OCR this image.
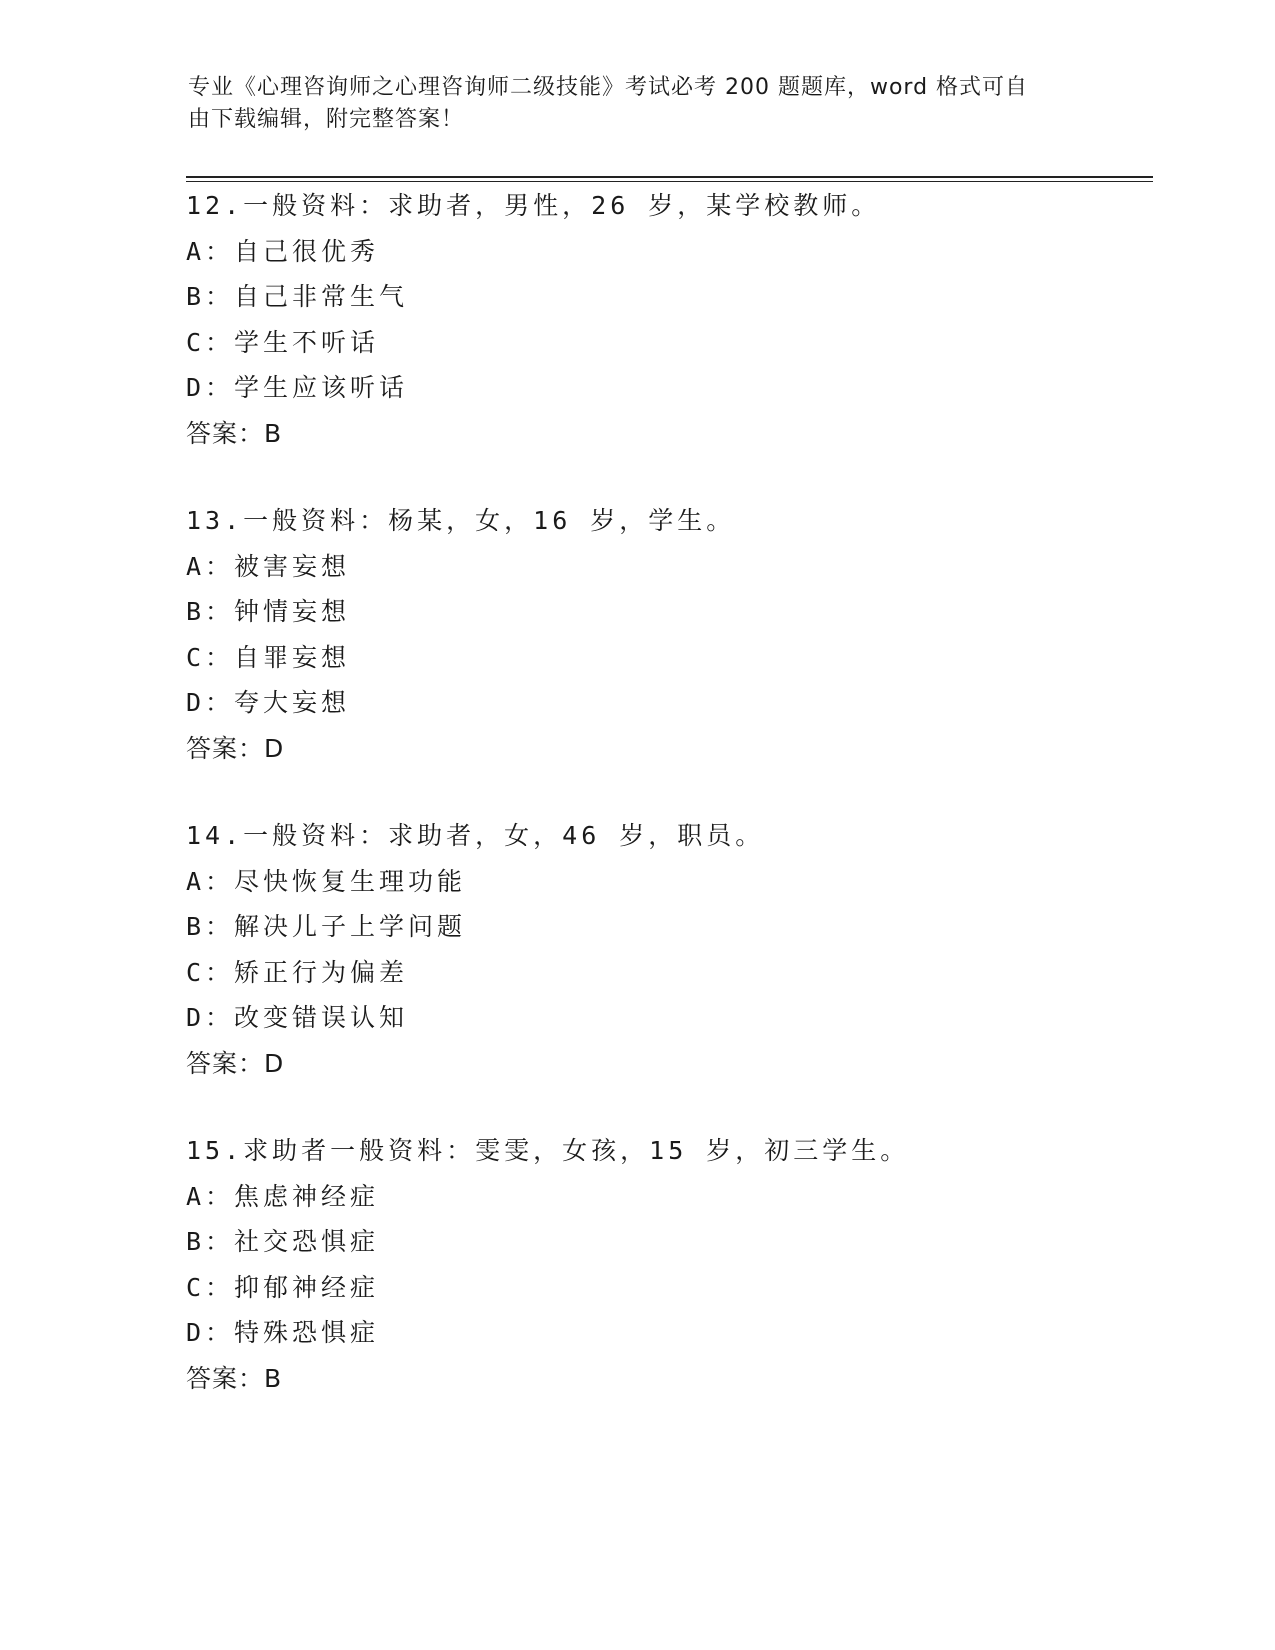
专业《心理咨询师之心理咨询师二级技能》考试必考 200 题题库，word 格式可自
由下载编辑，附完整答案！
12.一般资料：求助者，男性，26 岁，某学校教师。
A：自己很优秀
B：自己非常生气
C：学生不听话
D：学生应该听话
答案：B
13.一般资料：杨某，女，16 岁，学生。
A：被害妄想
B：钟情妄想
C：自罪妄想
D：夸大妄想
答案：D
14.一般资料：求助者，女，46 岁，职员。
A：尽快恢复生理功能
B：解决儿子上学问题
C：矫正行为偏差
D：改变错误认知
答案：D
15.求助者一般资料：雯雯，女孩，15 岁，初三学生。
A：焦虑神经症
B：社交恐惧症
C：抑郁神经症
D：特殊恐惧症
答案：B
